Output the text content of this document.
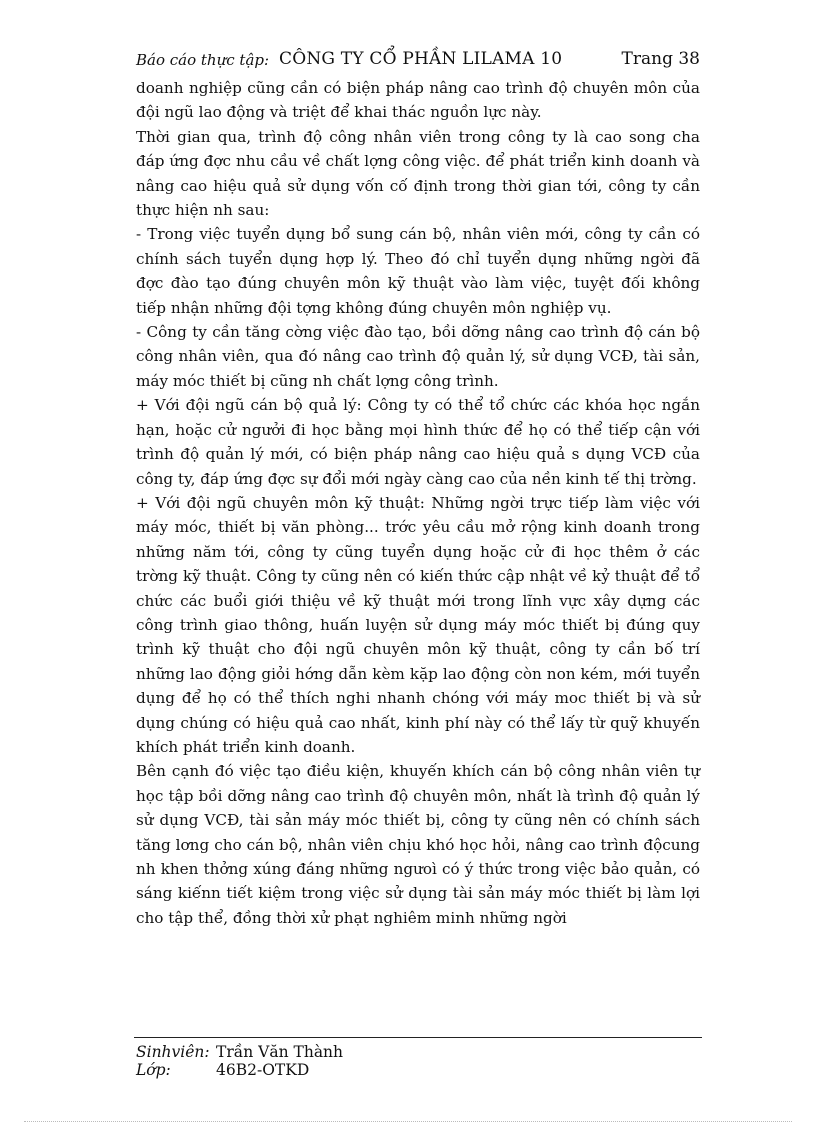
Báo cáo thực tập: CÔNG TY CỔ PHẦN LILAMA 10	Trang 38

doanh nghiệp cũng cần có biện pháp nâng cao trình độ chuyên môn của đội ngũ lao động và triệt để khai thác nguồn lực này.

Thời gian qua, trình độ công nhân viên trong công ty là cao song cha đáp ứng đợc nhu cầu về chất lợng công việc. để phát triển kinh doanh và nâng cao hiệu quả sử dụng vốn cố định trong thời gian tới, công ty cần thực hiện nh sau:

- Trong việc tuyển dụng bổ sung cán bộ, nhân viên mới, công ty cần có chính sách tuyển dụng hợp lý. Theo đó chỉ tuyển dụng những ngời đã đợc đào tạo đúng chuyên môn kỹ thuật vào làm việc, tuyệt đối không tiếp nhận những đội tợng không đúng chuyên môn nghiệp vụ.

- Công ty cần tăng cờng việc đào tạo, bồi dỡng nâng cao trình độ cán bộ công nhân viên, qua đó nâng cao trình độ quản lý, sử dụng VCĐ, tài sản, máy móc thiết bị cũng nh chất lợng công trình.

+ Với đội ngũ cán bộ quả lý: Công ty có thể tổ chức các khóa học ngắn hạn, hoặc cử ngưởi đi học bằng mọi hình thức để họ có thể tiếp cận với trình độ quản lý mới, có biện pháp nâng cao hiệu quả s dụng VCĐ của công ty, đáp ứng đợc sự đổi mới ngày càng cao của nền kinh tế thị trờng.

+ Với đội ngũ chuyên môn kỹ thuật: Những ngời trực tiếp làm việc với máy móc, thiết bị văn phòng... trớc yêu cầu mở rộng kinh doanh trong những năm tới, công ty cũng tuyển dụng hoặc cử đi học thêm ở các trờng kỹ thuật. Công ty cũng nên có kiến thức cập nhật về kỷ thuật để tổ chức các buổi giới thiệu về kỹ thuật mới trong lĩnh vực xây dựng các công trình giao thông, huấn luyện sử dụng máy móc thiết bị đúng quy trình kỹ thuật cho đội ngũ chuyên môn kỹ thuật, công ty cần bố trí những lao động giỏi hớng dẫn kèm kặp lao động còn non kém, mới tuyển dụng để họ có thể thích nghi nhanh chóng với máy moc thiết bị và sử dụng chúng có hiệu quả cao nhất, kinh phí này có thể lấy từ quỹ khuyến khích phát triển kinh doanh.

Bên cạnh đó việc tạo điều kiện, khuyến khích cán bộ công nhân viên tự học tập bồi dỡng nâng cao trình độ chuyên môn, nhất là trình độ quản lý sử dụng VCĐ, tài sản máy móc thiết bị, công ty cũng nên có chính sách tăng lơng cho cán bộ, nhân viên chịu khó học hỏi, nâng cao trình độcung nh khen thởng xúng đáng những ngưoì có ý thức trong việc bảo quản, có sáng kiếnn tiết kiệm trong việc sử dụng tài sản máy móc thiết bị làm lợi cho tập thể, đồng thời xử phạt nghiêm minh những ngời

Sinhviên: Trần Văn Thành
Lớp:	46B2-OTKD
